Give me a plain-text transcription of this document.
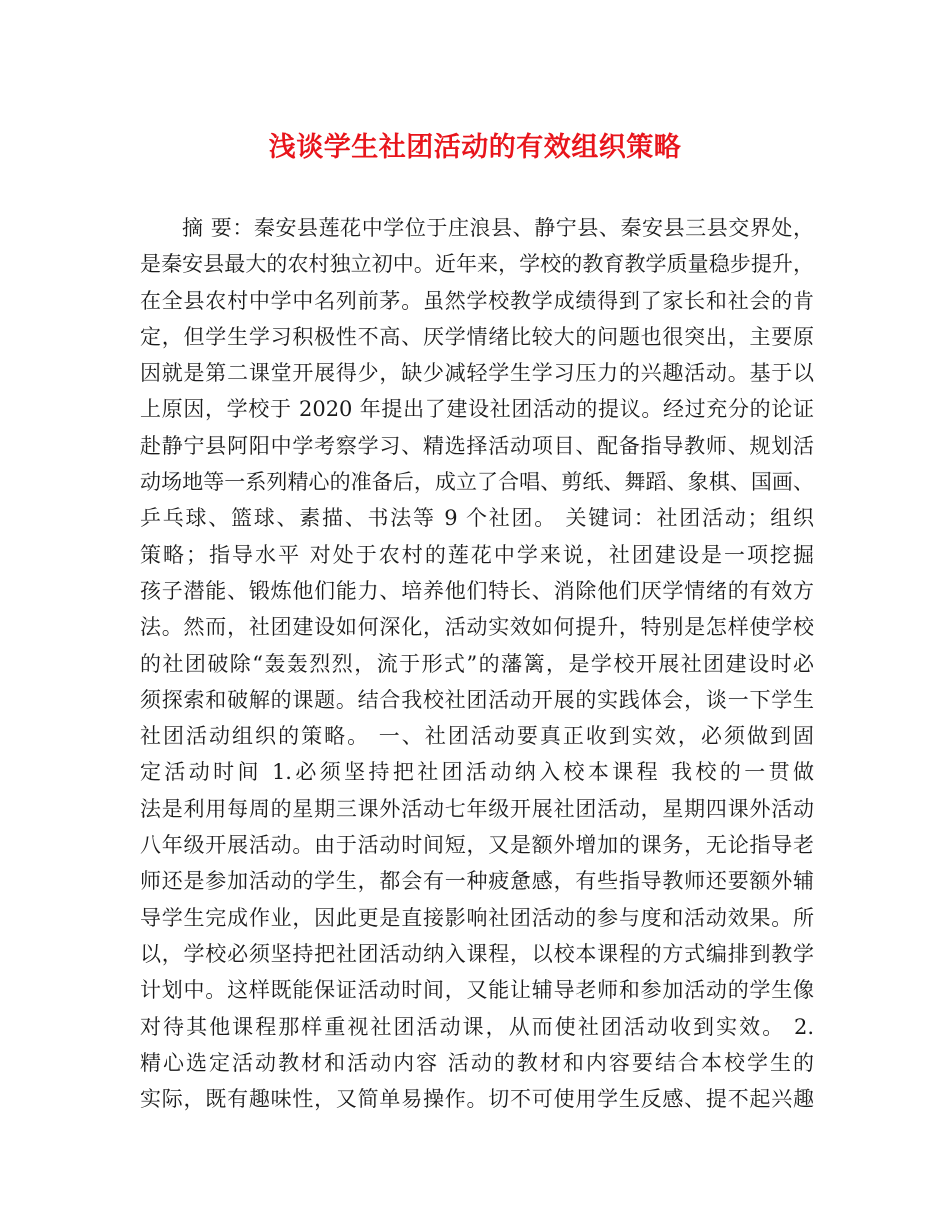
浅谈学生社团活动的有效组织策略
摘 要：秦安县莲花中学位于庄浪县、静宁县、秦安县三县交界处，
是秦安县最大的农村独立初中。近年来，学校的教育教学质量稳步提升，
在全县农村中学中名列前茅。虽然学校教学成绩得到了家长和社会的肯
定，但学生学习积极性不高、厌学情绪比较大的问题也很突出，主要原
因就是第二课堂开展得少，缺少减轻学生学习压力的兴趣活动。基于以
上原因，学校于 2020 年提出了建设社团活动的提议。经过充分的论证
赴静宁县阿阳中学考察学习、精选择活动项目、配备指导教师、规划活
动场地等一系列精心的准备后，成立了合唱、剪纸、舞蹈、象棋、国画、
乒乓球、篮球、素描、书法等 9 个社团。 关键词：社团活动；组织
策略；指导水平 对处于农村的莲花中学来说，社团建设是一项挖掘
孩子潜能、锻炼他们能力、培养他们特长、消除他们厌学情绪的有效方
法。然而，社团建设如何深化，活动实效如何提升，特别是怎样使学校
的社团破除“轰轰烈烈，流于形式”的藩篱，是学校开展社团建设时必
须探索和破解的课题。结合我校社团活动开展的实践体会，谈一下学生
社团活动组织的策略。 一、社团活动要真正收到实效，必须做到固
定活动时间 1.必须坚持把社团活动纳入校本课程 我校的一贯做
法是利用每周的星期三课外活动七年级开展社团活动，星期四课外活动
八年级开展活动。由于活动时间短，又是额外增加的课务，无论指导老
师还是参加活动的学生，都会有一种疲惫感，有些指导教师还要额外辅
导学生完成作业，因此更是直接影响社团活动的参与度和活动效果。所
以，学校必须坚持把社团活动纳入课程，以校本课程的方式编排到教学
计划中。这样既能保证活动时间，又能让辅导老师和参加活动的学生像
对待其他课程那样重视社团活动课，从而使社团活动收到实效。 2.
精心选定活动教材和活动内容 活动的教材和内容要结合本校学生的
实际，既有趣味性，又简单易操作。切不可使用学生反感、提不起兴趣
